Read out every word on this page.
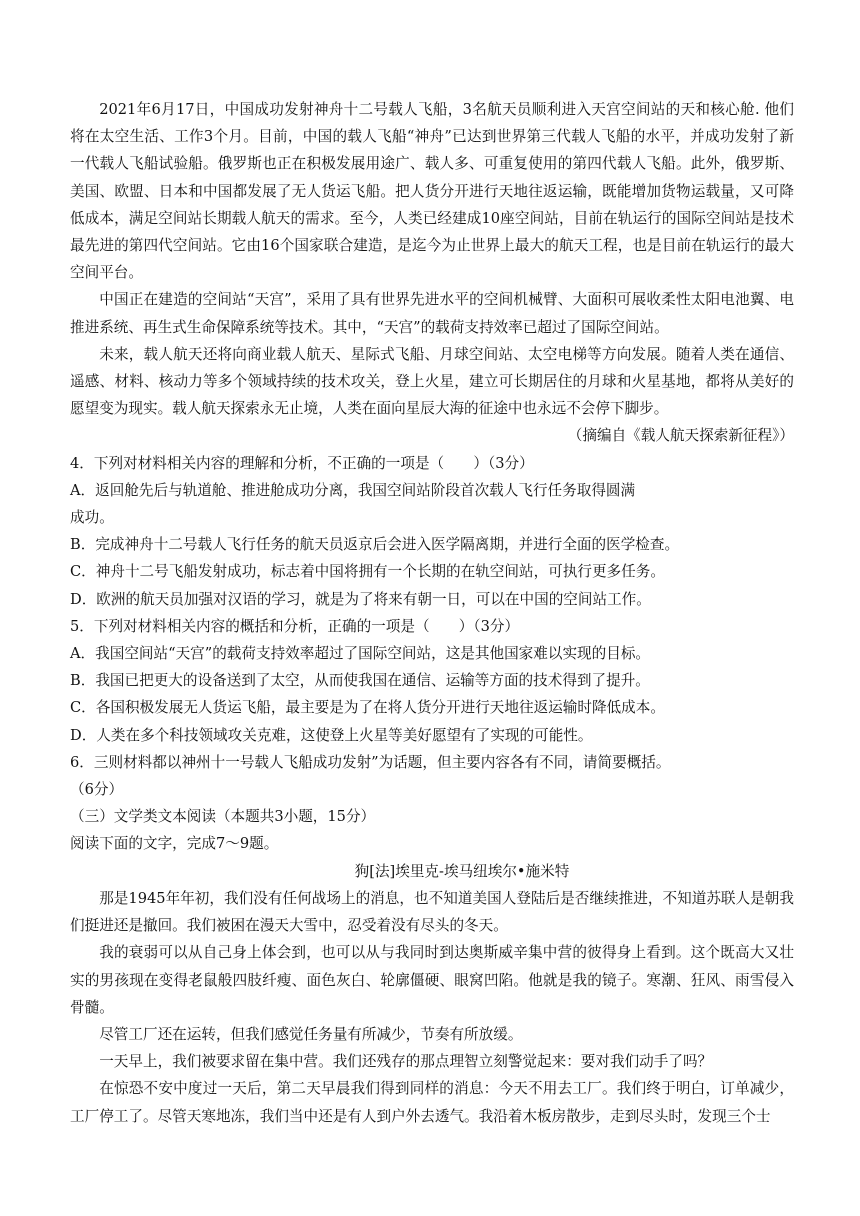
2021年6月17日，中国成功发射神舟十二号载人飞船，3名航天员顺利进入天宫空间站的天和核心舱. 他们将在太空生活、工作3个月。目前，中国的载人飞船“神舟”已达到世界第三代载人飞船的水平，并成功发射了新一代载人飞船试验船。俄罗斯也正在积极发展用途广、载人多、可重复使用的第四代载人飞船。此外，俄罗斯、美国、欧盟、日本和中国都发展了无人货运飞船。把人货分开进行天地往返运输，既能增加货物运载量，又可降低成本，满足空间站长期载人航天的需求。至今，人类已经建成10座空间站，目前在轨运行的国际空间站是技术最先进的第四代空间站。它由16个国家联合建造，是迄今为止世界上最大的航天工程，也是目前在轨运行的最大空间平台。

中国正在建造的空间站“天宫”，采用了具有世界先进水平的空间机械臂、大面积可展收柔性太阳电池翼、电推进系统、再生式生命保障系统等技术。其中，“天宫”的载荷支持效率已超过了国际空间站。

未来，载人航天还将向商业载人航天、星际式飞船、月球空间站、太空电梯等方向发展。随着人类在通信、遥感、材料、核动力等多个领域持续的技术攻关，登上火星，建立可长期居住的月球和火星基地，都将从美好的愿望变为现实。载人航天探索永无止境，人类在面向星辰大海的征途中也永远不会停下脚步。

（摘编自《载人航天探索新征程》）

4．下列对材料相关内容的理解和分析，不正确的一项是（　　）（3分）

A．返回舱先后与轨道舱、推进舱成功分离，我国空间站阶段首次载人飞行任务取得圆满

成功。

B．完成神舟十二号载人飞行任务的航天员返京后会进入医学隔离期，并进行全面的医学检查。

C．神舟十二号飞船发射成功，标志着中国将拥有一个长期的在轨空间站，可执行更多任务。

D．欧洲的航天员加强对汉语的学习，就是为了将来有朝一日，可以在中国的空间站工作。

5．下列对材料相关内容的概括和分析，正确的一项是（　　）（3分）

A．我国空间站“天宫”的载荷支持效率超过了国际空间站，这是其他国家难以实现的目标。

B．我国已把更大的设备送到了太空，从而使我国在通信、运输等方面的技术得到了提升。

C．各国积极发展无人货运飞船，最主要是为了在将人货分开进行天地往返运输时降低成本。

D．人类在多个科技领域攻关克难，这使登上火星等美好愿望有了实现的可能性。

6．三则材料都以神州十一号载人飞船成功发射”为话题，但主要内容各有不同，请简要概括。

（6分）

（三）文学类文本阅读（本题共3小题，15分）

阅读下面的文字，完成7～9题。

狗[法]埃里克-埃马纽埃尔•施米特

那是1945年年初，我们没有任何战场上的消息，也不知道美国人登陆后是否继续推进，不知道苏联人是朝我们挺进还是撤回。我们被困在漫天大雪中，忍受着没有尽头的冬天。

我的衰弱可以从自己身上体会到，也可以从与我同时到达奥斯威辛集中营的彼得身上看到。这个既高大又壮实的男孩现在变得老鼠般四肢纤瘦、面色灰白、轮廓僵硬、眼窝凹陷。他就是我的镜子。寒潮、狂风、雨雪侵入骨髓。

尽管工厂还在运转，但我们感觉任务量有所减少，节奏有所放缓。

一天早上，我们被要求留在集中营。我们还残存的那点理智立刻警觉起来：要对我们动手了吗？

在惊恐不安中度过一天后，第二天早晨我们得到同样的消息：今天不用去工厂。我们终于明白，订单减少，工厂停工了。尽管天寒地冻，我们当中还是有人到户外去透气。我沿着木板房散步，走到尽头时，发现三个士
